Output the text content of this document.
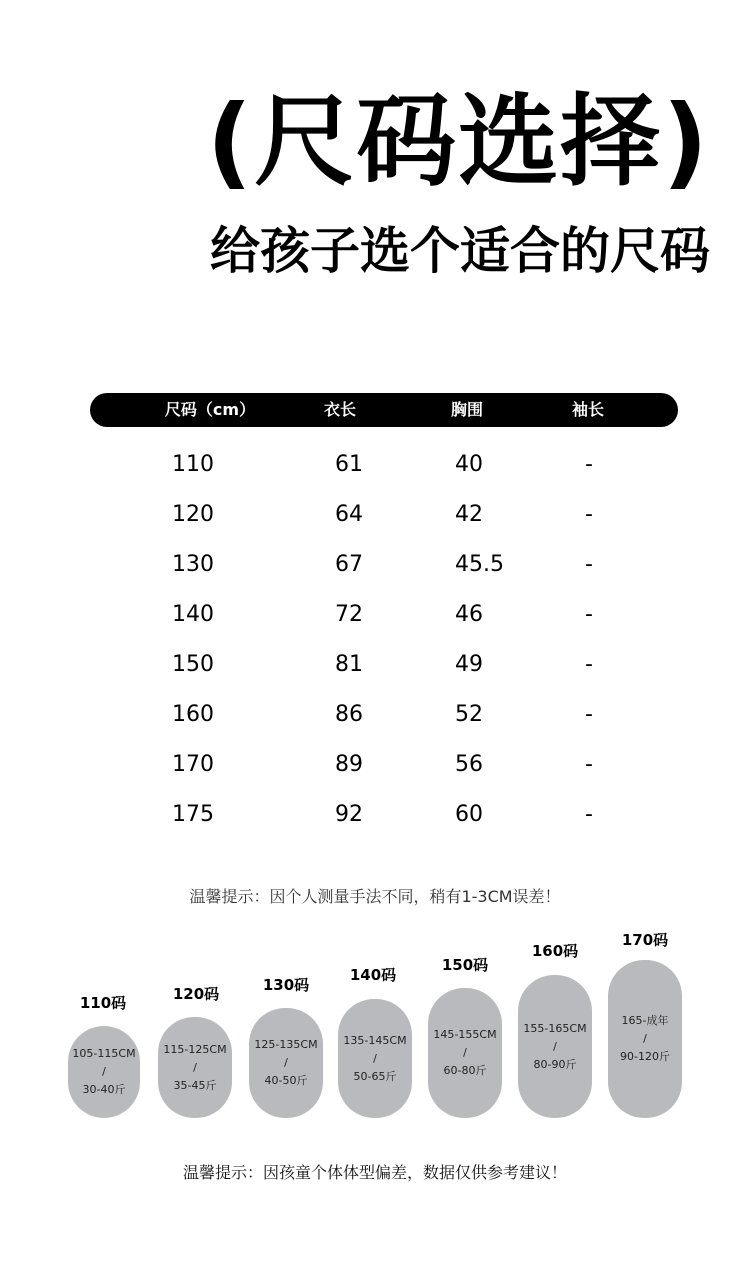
(尺码选择)
给孩子选个适合的尺码
尺码（cm）	衣长	胸围	袖长
110	61	40	-
120	64	42	-
130	67	45.5	-
140	72	46	-
150	81	49	-
160	86	52	-
170	89	56	-
175	92	60	-
温馨提示：因个人测量手法不同，稍有1-3CM误差！
110码
105-115CM
/
30-40斤
120码
115-125CM
/
35-45斤
130码
125-135CM
/
40-50斤
140码
135-145CM
/
50-65斤
150码
145-155CM
/
60-80斤
160码
155-165CM
/
80-90斤
170码
165-成年
/
90-120斤
温馨提示：因孩童个体体型偏差，数据仅供参考建议！
